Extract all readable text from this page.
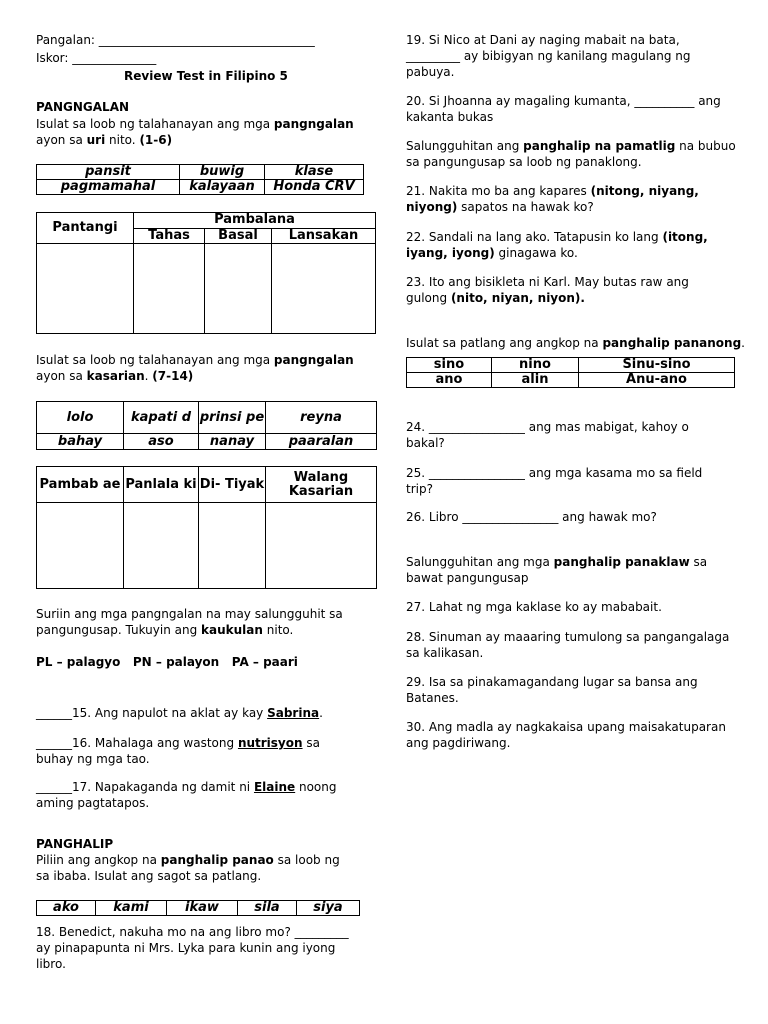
Pangalan: ____________________________________
Iskor: ______________
Review Test in Filipino 5
PANGNGALAN
Isulat sa loob ng talahanayan ang mga pangngalan
ayon sa uri nito. (1-6)
pansit	buwig	klase
pagmamahal	kalayaan	Honda CRV
Pantangi	Pambalana		
	Tahas	Basal	Lansakan

Isulat sa loob ng talahanayan ang mga pangngalan
ayon sa kasarian. (7-14)
lolo	kapati d	prinsi pe	reyna
bahay	aso	nanay	paaralan
Pambab ae	Panlala ki	Di- Tiyak	Walang Kasarian

Suriin ang mga pangngalan na may salungguhit sa pangungusap. Tukuyin ang kaukulan nito.
PL – palagyo   PN – palayon   PA – paari
______15. Ang napulot na aklat ay kay Sabrina.
______16. Mahalaga ang wastong nutrisyon sa buhay ng mga tao.
______17. Napakaganda ng damit ni Elaine noong aming pagtatapos.
PANGHALIP
Piliin ang angkop na panghalip panao sa loob ng sa ibaba. Isulat ang sagot sa patlang.
ako	kami	ikaw	sila	siya
18. Benedict, nakuha mo na ang libro mo? _________ ay pinapapunta ni Mrs. Lyka para kunin ang iyong libro.
19. Si Nico at Dani ay naging mabait na bata, _________ ay bibigyan ng kanilang magulang ng pabuya.
20. Si Jhoanna ay magaling kumanta, __________ ang kakanta bukas
Salungguhitan ang panghalip na pamatlig na bubuo sa pangungusap sa loob ng panaklong.
21. Nakita mo ba ang kapares (nitong, niyang, niyong) sapatos na hawak ko?
22. Sandali na lang ako. Tatapusin ko lang (itong, iyang, iyong) ginagawa ko.
23. Ito ang bisikleta ni Karl. May butas raw ang gulong (nito, niyan, niyon).
Isulat sa patlang ang angkop na panghalip pananong.
sino	nino	Sinu-sino
ano	alin	Anu-ano
24. ________________ ang mas mabigat, kahoy o bakal?
25. ________________ ang mga kasama mo sa field trip?
26. Libro ________________ ang hawak mo?
Salungguhitan ang mga panghalip panaklaw sa bawat pangungusap
27. Lahat ng mga kaklase ko ay mababait.
28. Sinuman ay maaaring tumulong sa pangangalaga sa kalikasan.
29. Isa sa pinakamagandang lugar sa bansa ang Batanes.
30. Ang madla ay nagkakaisa upang maisakatuparan ang pagdiriwang.
